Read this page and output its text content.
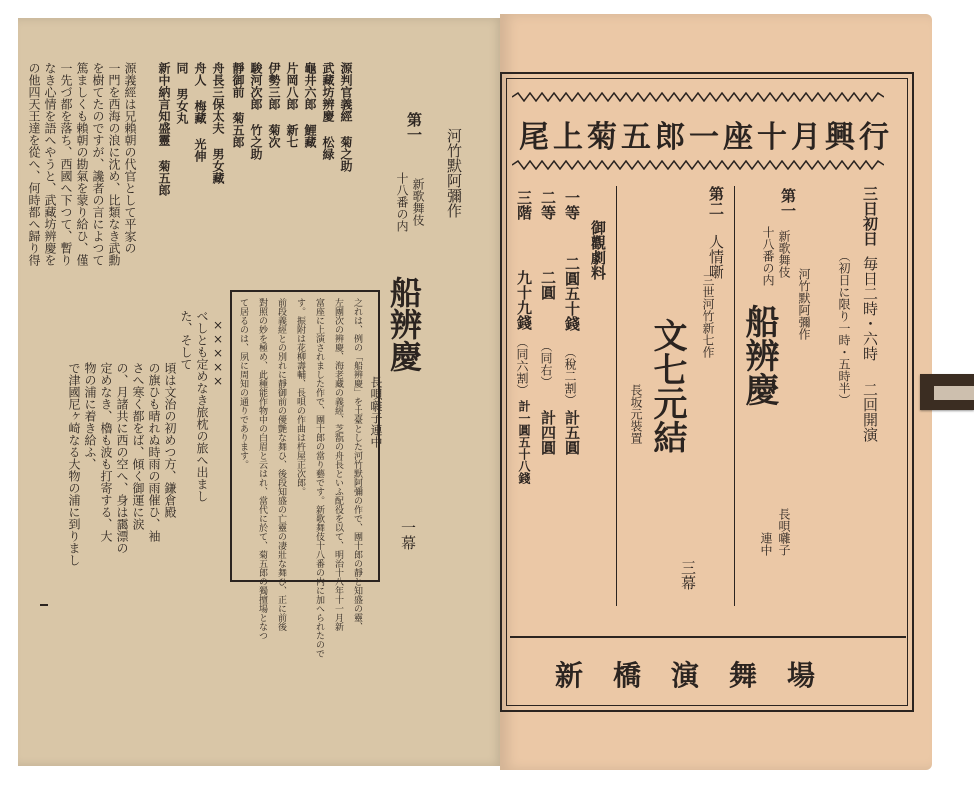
尾上菊五郎一座十月興行
三日初日
毎日二時・六時
二回開演
（初日に限り一時・五時半）
第一
新歌舞伎
十八番の内
河竹默阿彌作
船辨慶
長唄囃子
連中
第二
人情噺
三世河竹新七作
文七元結
長坂元裝置
三幕
御觀劇料
一等
二圓五十錢
（稅二割）
計五圓
二等
二圓
（同右）
計四圓
三階
九十九錢
（同六割）
計一圓五十八錢
新橋演舞場
河竹默阿彌作
第一
新歌舞伎
十八番の内
船辨慶
長唄囃子連中
一幕
源判官義經 菊之助
武藏坊辨慶 松緑
龜井六郎 鯉藏
片岡八郎 新七
伊勢三郎 菊次
駿河次郎 竹之助
靜御前 菊五郎
舟長三保太夫 男女藏
舟人 梅藏 光伸
同 男女丸
新中納言知盛靈 菊五郎
×××××	之れは、例の「船辨慶」を土臺とした河竹默阿彌の作で、團十郎の靜と知盛の靈、
左團次の辨慶、海老藏の義經、芝翫の舟長といふ配役を以て、明治十八年十一月新
富座に上演されました作で、團十郎の當り藝です。新歌舞伎十八番の内に加へられたので
す。振附は花柳壽輔、長唄の作曲は杵屋正次郎。
前段義經との別れに靜御前の優艶な舞ひ、後段知盛の亡靈の凄壯な舞ひ、正に前後
對照の妙を極め、此種能作物中の白眉と云はれ、當代に於て、菊五郎の獨擅場となつ
て居るのは、夙に周知の通りであります。
べしとも定めなき旅枕の旅へ出まし
た、そして
頃は文治の初めつ方、鎌倉殿
の旗ひも晴れぬ時雨の雨催ひ、袖
さへ寒く都をば、傾く御運に涙
の、月諸共に西の空へ、身は靄漂の
定めなき、櫓も波も打寄する、大
物の浦に着き給ふ、
で津國尼ヶ崎なる大物の浦に到りまし
源義經は兄賴朝の代官として平家の
一門を西海の浪に沈め、比類なき武勳
を樹てたのですが、讒者の言によつて
篤ましくも賴朝の勘氣を蒙り給ひ、僅
一先づ都を落ち、西國へ下つて、暫り
なき心情を語へやうと、武藏坊辨慶を
の他四天王達を從へ、何時都へ歸り得
